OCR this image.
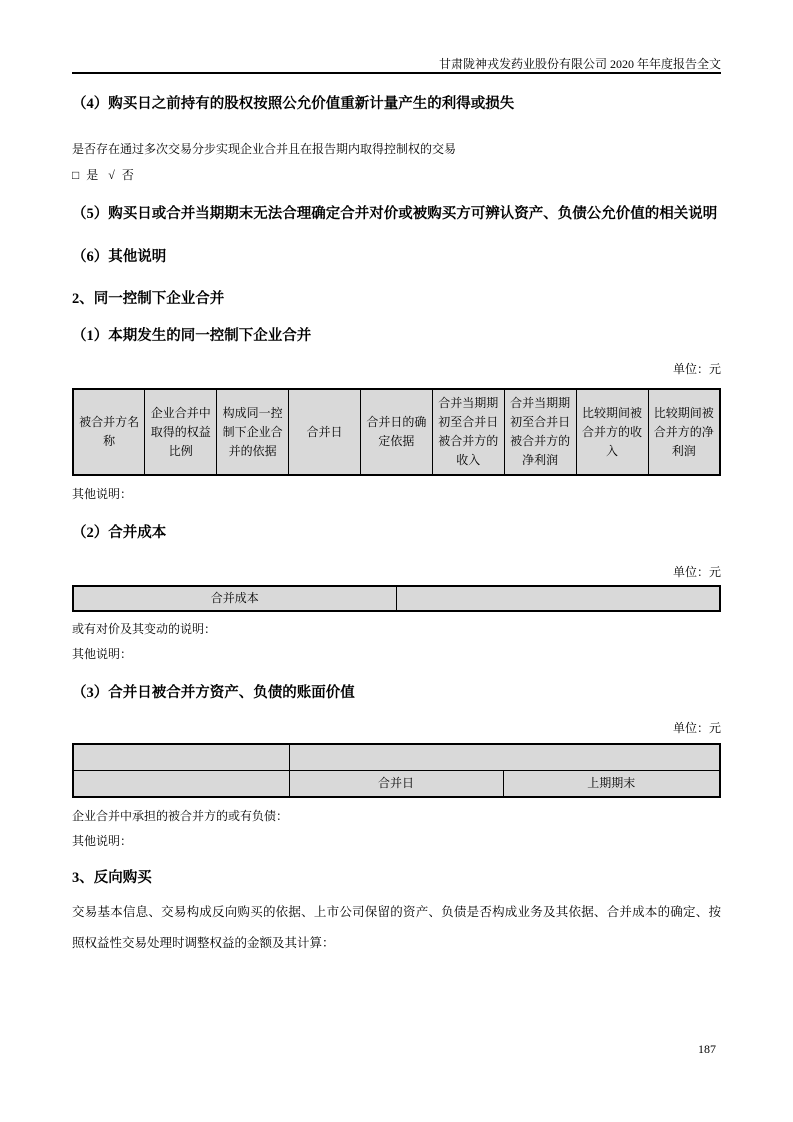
甘肃陇神戎发药业股份有限公司 2020 年年度报告全文
（4）购买日之前持有的股权按照公允价值重新计量产生的利得或损失
是否存在通过多次交易分步实现企业合并且在报告期内取得控制权的交易
□ 是 √ 否
（5）购买日或合并当期期末无法合理确定合并对价或被购买方可辨认资产、负债公允价值的相关说明
（6）其他说明
2、同一控制下企业合并
（1）本期发生的同一控制下企业合并
单位：元
被合并方名称	企业合并中取得的权益比例	构成同一控制下企业合并的依据	合并日	合并日的确定依据	合并当期期初至合并日被合并方的收入	合并当期期初至合并日被合并方的净利润	比较期间被合并方的收入	比较期间被合并方的净利润
其他说明：
（2）合并成本
单位：元
合并成本	
或有对价及其变动的说明：
其他说明：
（3）合并日被合并方资产、负债的账面价值
单位：元

	合并日	上期期末
企业合并中承担的被合并方的或有负债：
其他说明：
3、反向购买
交易基本信息、交易构成反向购买的依据、上市公司保留的资产、负债是否构成业务及其依据、合并成本的确定、按照权益性交易处理时调整权益的金额及其计算：
187
